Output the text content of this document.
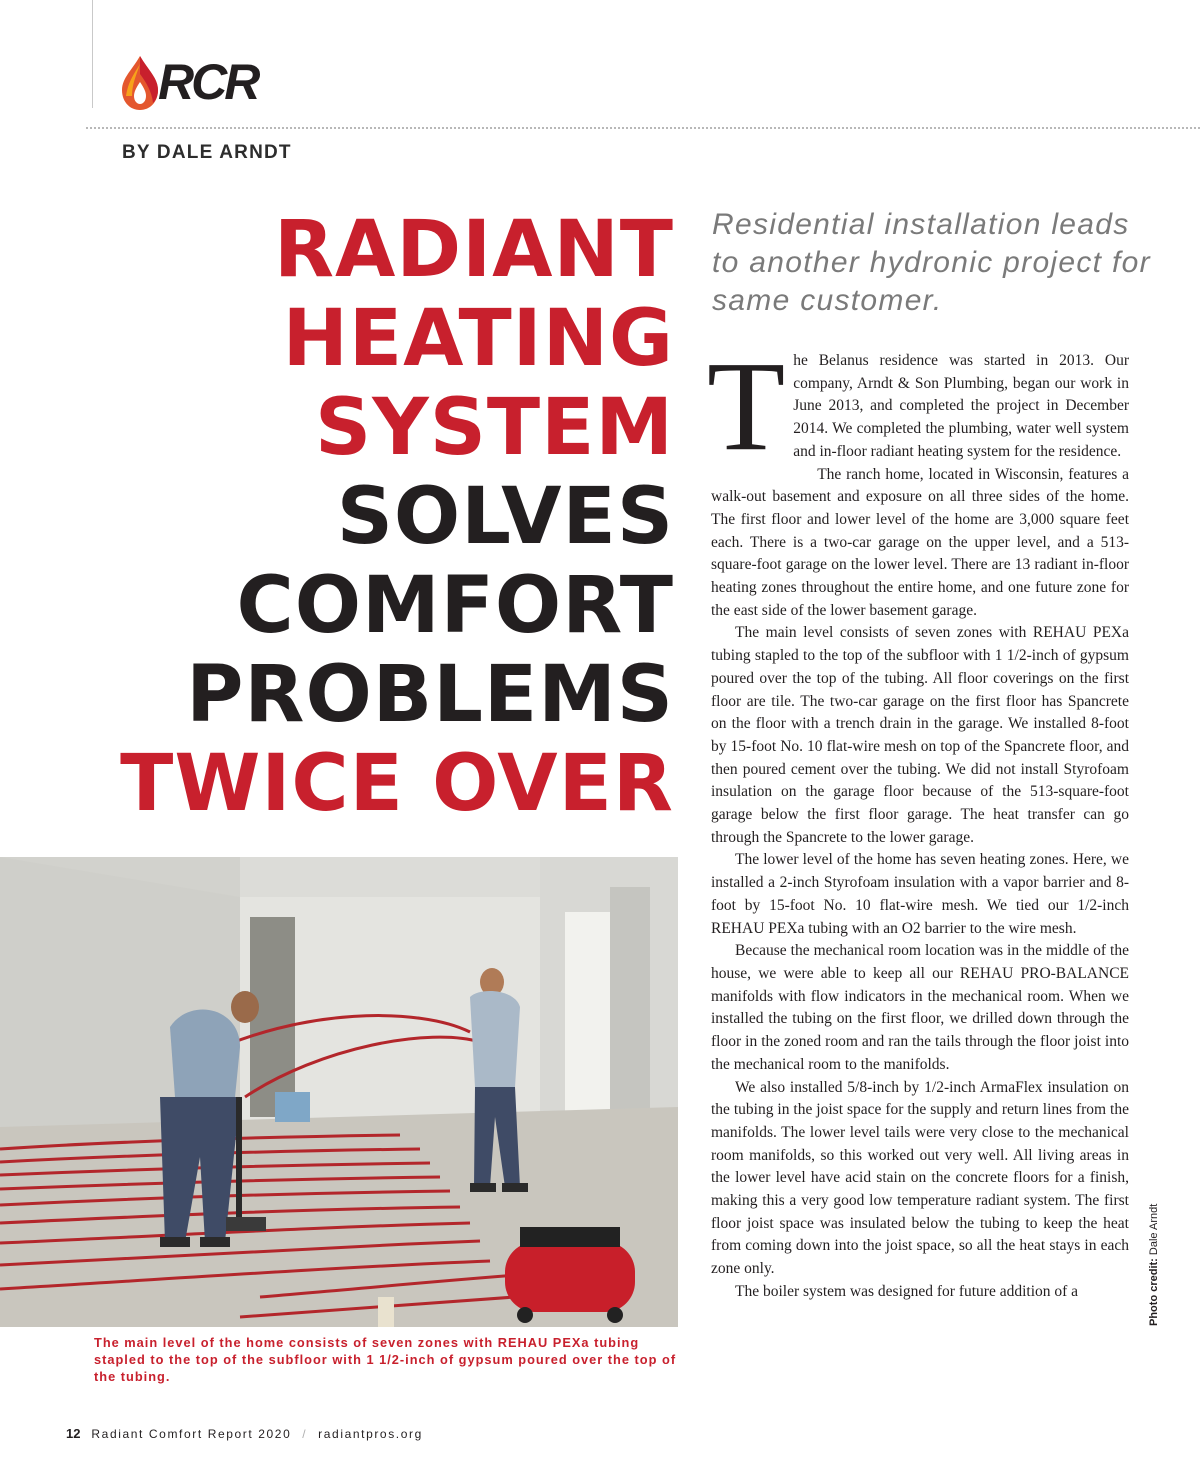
RCR
BY DALE ARNDT
RADIANT
HEATING
SYSTEM
SOLVES
COMFORT
PROBLEMS
TWICE OVER
Residential installation leads to another hydronic project for same customer.

The Belanus residence was started in 2013. Our company, Arndt & Son Plumbing, began our work in June 2013, and completed the project in December 2014. We completed the plumbing, water well system and in-floor radiant heating system for the residence.

The ranch home, located in Wisconsin, features a walk-out basement and exposure on all three sides of the home. The first floor and lower level of the home are 3,000 square feet each. There is a two-car garage on the upper level, and a 513-square-foot garage on the lower level. There are 13 radiant in-floor heating zones throughout the entire home, and one future zone for the east side of the lower basement garage.

The main level consists of seven zones with REHAU PEXa tubing stapled to the top of the subfloor with 1 1/2-inch of gypsum poured over the top of the tubing. All floor coverings on the first floor are tile. The two-car garage on the first floor has Spancrete on the floor with a trench drain in the garage. We installed 8-foot by 15-foot No. 10 flat-wire mesh on top of the Spancrete floor, and then poured cement over the tubing. We did not install Styrofoam insulation on the garage floor because of the 513-square-foot garage below the first floor garage. The heat transfer can go through the Spancrete to the lower garage.

The lower level of the home has seven heating zones. Here, we installed a 2-inch Styrofoam insulation with a vapor barrier and 8-foot by 15-foot No. 10 flat-wire mesh. We tied our 1/2-inch REHAU PEXa tubing with an O2 barrier to the wire mesh.

Because the mechanical room location was in the middle of the house, we were able to keep all our REHAU PRO-BALANCE manifolds with flow indicators in the mechanical room. When we installed the tubing on the first floor, we drilled down through the floor in the zoned room and ran the tails through the floor joist into the mechanical room to the manifolds.

We also installed 5/8-inch by 1/2-inch ArmaFlex insulation on the tubing in the joist space for the supply and return lines from the manifolds. The lower level tails were very close to the mechanical room manifolds, so this worked out very well. All living areas in the lower level have acid stain on the concrete floors for a finish, making this a very good low temperature radiant system. The first floor joist space was insulated below the tubing to keep the heat from coming down into the joist space, so all the heat stays in each zone only.

The boiler system was designed for future addition of a

The main level of the home consists of seven zones with REHAU PEXa tubing stapled to the top of the subfloor with 1 1/2-inch of gypsum poured over the top of the tubing.
Photo credit: Dale Arndt
12 Radiant Comfort Report 2020 / radiantpros.org
